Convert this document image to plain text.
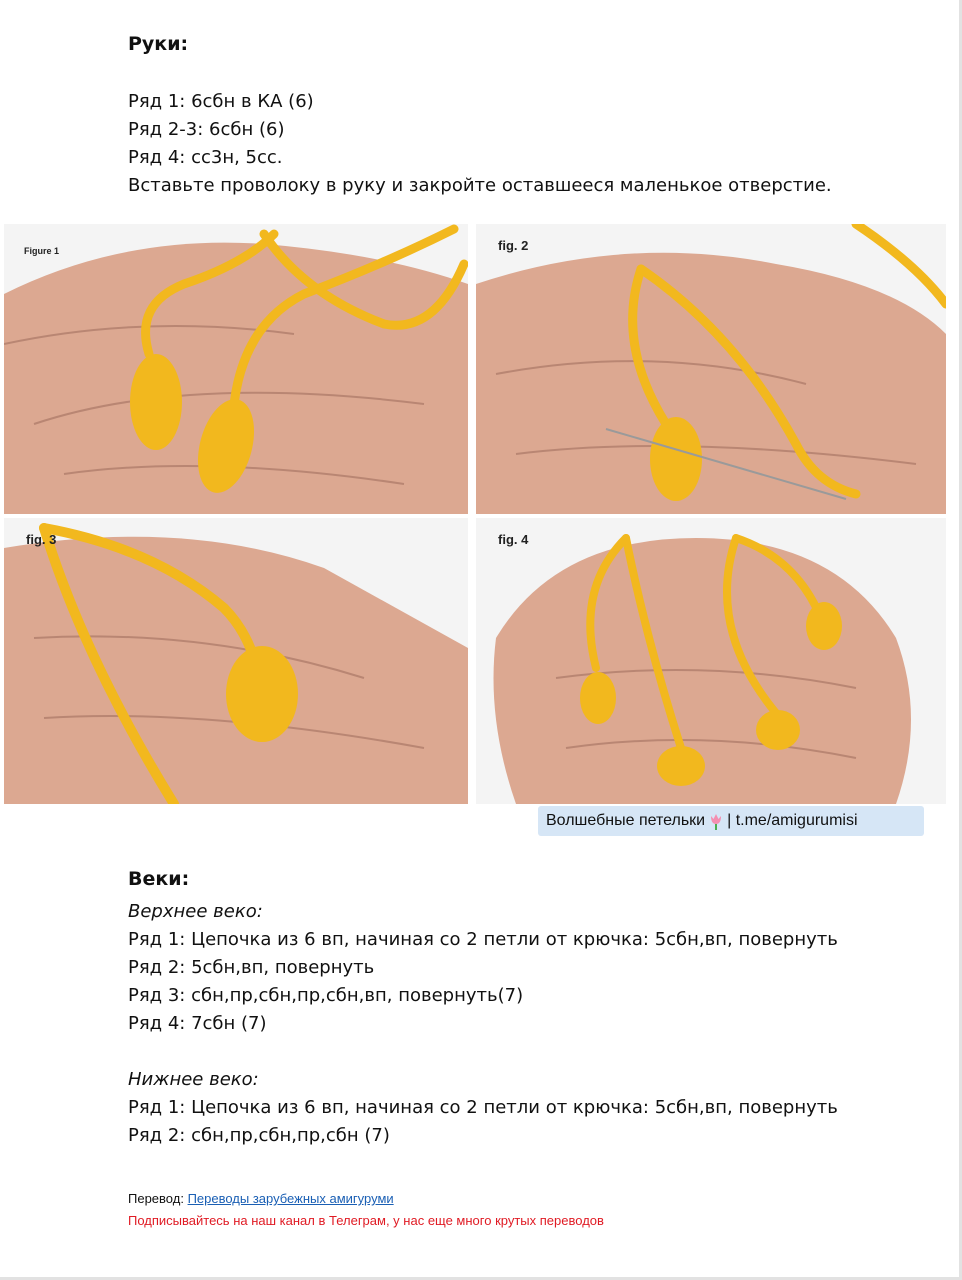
Руки:

Ряд 1: 6сбн в КА (6)

Ряд 2-3: 6сбн (6)

Ряд 4: сс3н, 5сс.

Вставьте проволоку в руку и закройте оставшееся маленькое отверстие.

Figure 1	fig. 2
fig. 3	fig. 4
Волшебные петельки | t.me/amigurumisi

Веки:

Верхнее веко:

Ряд 1: Цепочка из 6 вп, начиная со 2 петли от крючка: 5сбн,вп, повернуть

Ряд 2: 5сбн,вп, повернуть

Ряд 3: сбн,пр,сбн,пр,сбн,вп, повернуть(7)

Ряд 4: 7сбн (7)

Нижнее веко:

Ряд 1: Цепочка из 6 вп, начиная со 2 петли от крючка: 5сбн,вп, повернуть

Ряд 2: сбн,пр,сбн,пр,сбн (7)

Перевод: Переводы зарубежных амигуруми
Подписывайтесь на наш канал в Телеграм, у нас еще много крутых переводов
